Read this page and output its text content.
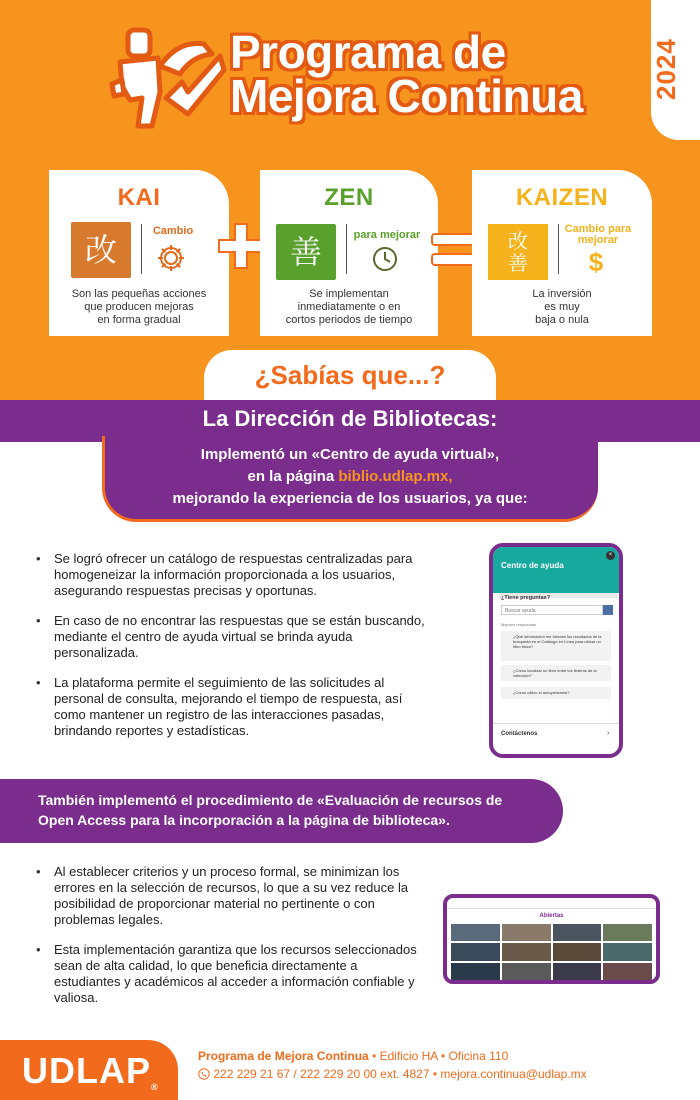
Programa de
Mejora Continua	2024
KAI
改	Cambio
Son las pequeñas acciones
que producen mejoras
en forma gradual
ZEN
善	para mejorar
Se implementan
inmediatamente o en
cortos periodos de tiempo
KAIZEN
改
善
Cambio para
mejorar
$
La inversión
es muy
baja o nula
¿Sabías que...?
La Dirección de Bibliotecas:
Implementó un «Centro de ayuda virtual»,
en la página biblio.udlap.mx,
mejorando la experiencia de los usuarios, ya que:
• Se logró ofrecer un catálogo de respuestas centralizadas para homogeneizar la información proporcionada a los usuarios, asegurando respuestas precisas y oportunas.
• En caso de no encontrar las respuestas que se están buscando, mediante el centro de ayuda virtual se brinda ayuda personalizada.
• La plataforma permite el seguimiento de las solicitudes al personal de consulta, mejorando el tiempo de respuesta, así como mantener un registro de las interacciones pasadas, brindando reportes y estadísticas.
Centro de ayuda
×
¿Tiene preguntas?
Buscar ayuda
Mejores respuestas
¿Qué información me brindan los resultados de la búsqueda en el Catálogo en Línea para ubicar un libro físico?
¿Cómo localizar un libro entre los libreros de la colección?
¿Cómo utilizo el autopréstamo?
Contáctenos	›
También implementó el procedimiento de «Evaluación de recursos de
Open Access para la incorporación a la página de biblioteca».
• Al establecer criterios y un proceso formal, se minimizan los errores en la selección de recursos, lo que a su vez reduce la posibilidad de proporcionar material no pertinente o con problemas legales.
• Esta implementación garantiza que los recursos seleccionados sean de alta calidad, lo que beneficia directamente a estudiantes y académicos al acceder a información confiable y valiosa.
Abiertas
UDLAP®
Programa de Mejora Continua • Edificio HA • Oficina 110
222 229 21 67 / 222 229 20 00 ext. 4827 • mejora.continua@udlap.mx
